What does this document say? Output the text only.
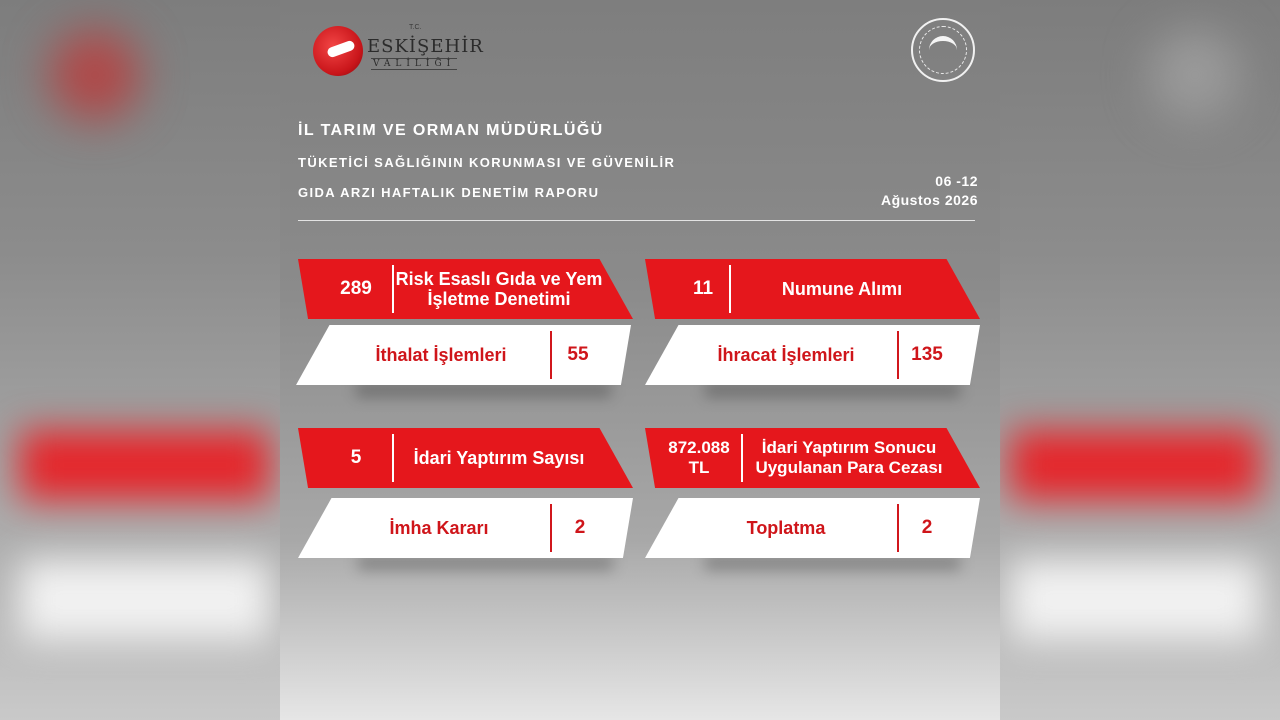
T.C.
ESKİŞEHİR
VALİLİĞİ
İL TARIM VE ORMAN MÜDÜRLÜĞÜ
TÜKETİCİ SAĞLIĞININ KORUNMASI VE GÜVENİLİR
GIDA ARZI HAFTALIK DENETİM RAPORU
06 -12
Ağustos 2026
289	Risk Esaslı Gıda ve Yem
İşletme Denetimi	11	Numune Alımı
İthalat İşlemleri	55	İhracat İşlemleri	135
5	İdari Yaptırım Sayısı
872.088
TL
İdari Yaptırım Sonucu
Uygulanan Para Cezası
İmha Kararı	2	Toplatma	2
